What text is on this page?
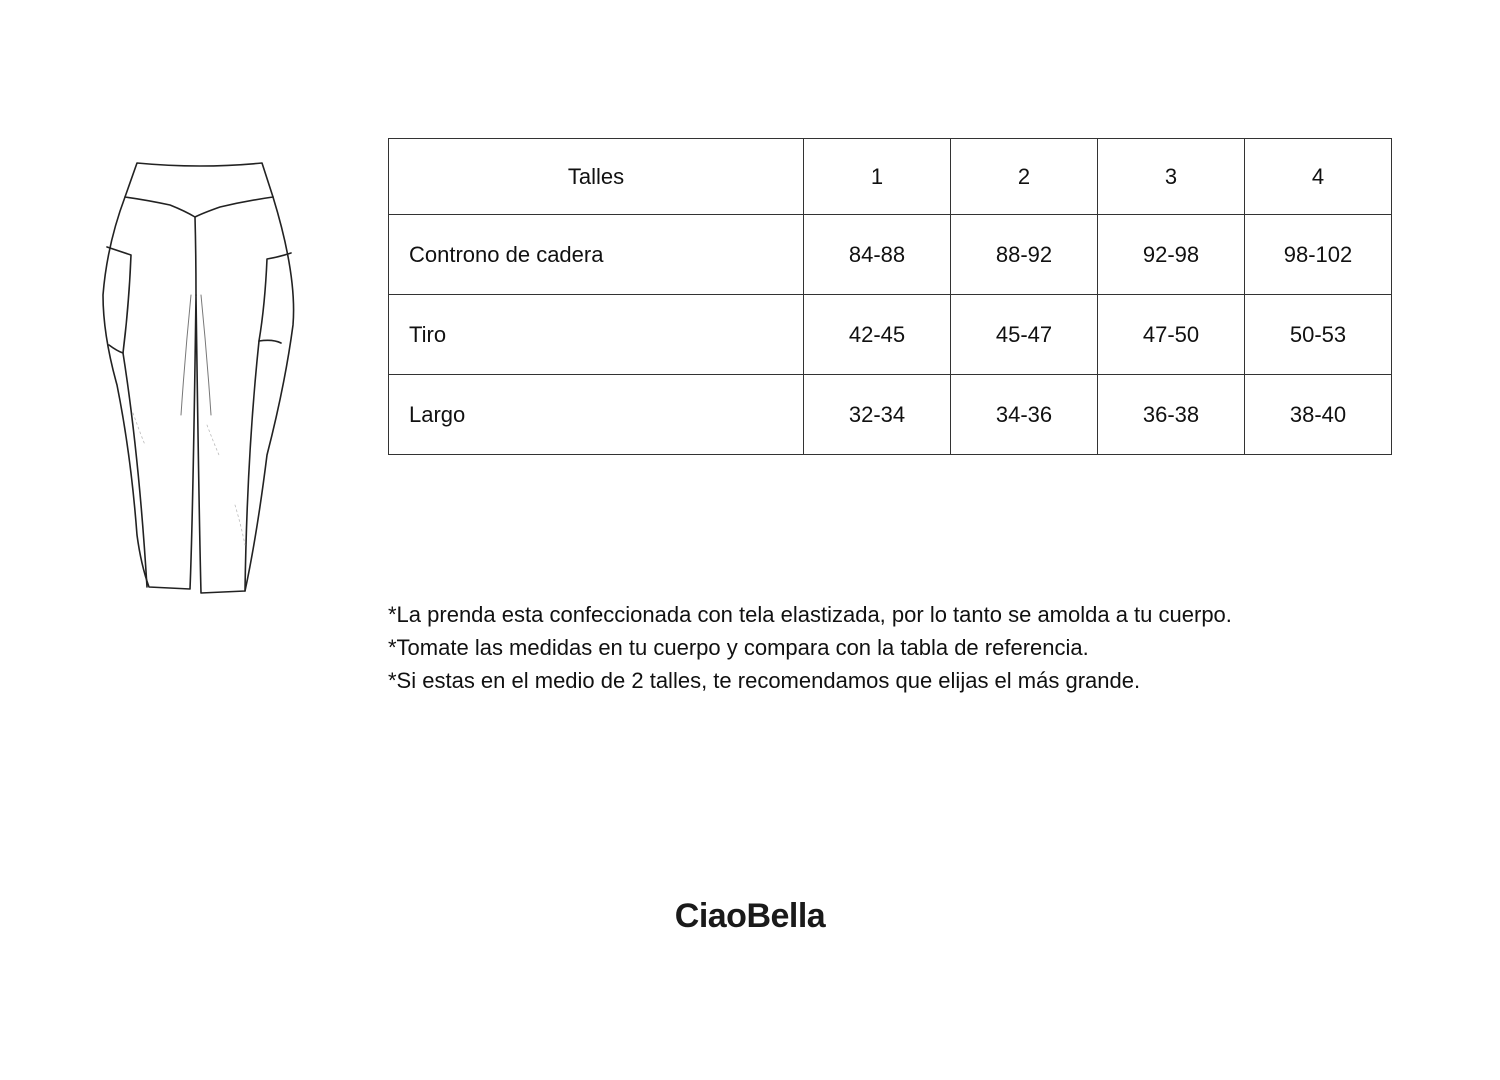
Talles	1	2	3	4
Controno de cadera	84-88	88-92	92-98	98-102
Tiro	42-45	45-47	47-50	50-53
Largo	32-34	34-36	36-38	38-40

*La prenda esta confeccionada con tela elastizada, por lo tanto se amolda a tu cuerpo.

*Tomate las medidas en tu cuerpo y compara con la tabla de referencia.

*Si estas en el medio de 2 talles, te recomendamos que elijas el más grande.

CiaoBella
